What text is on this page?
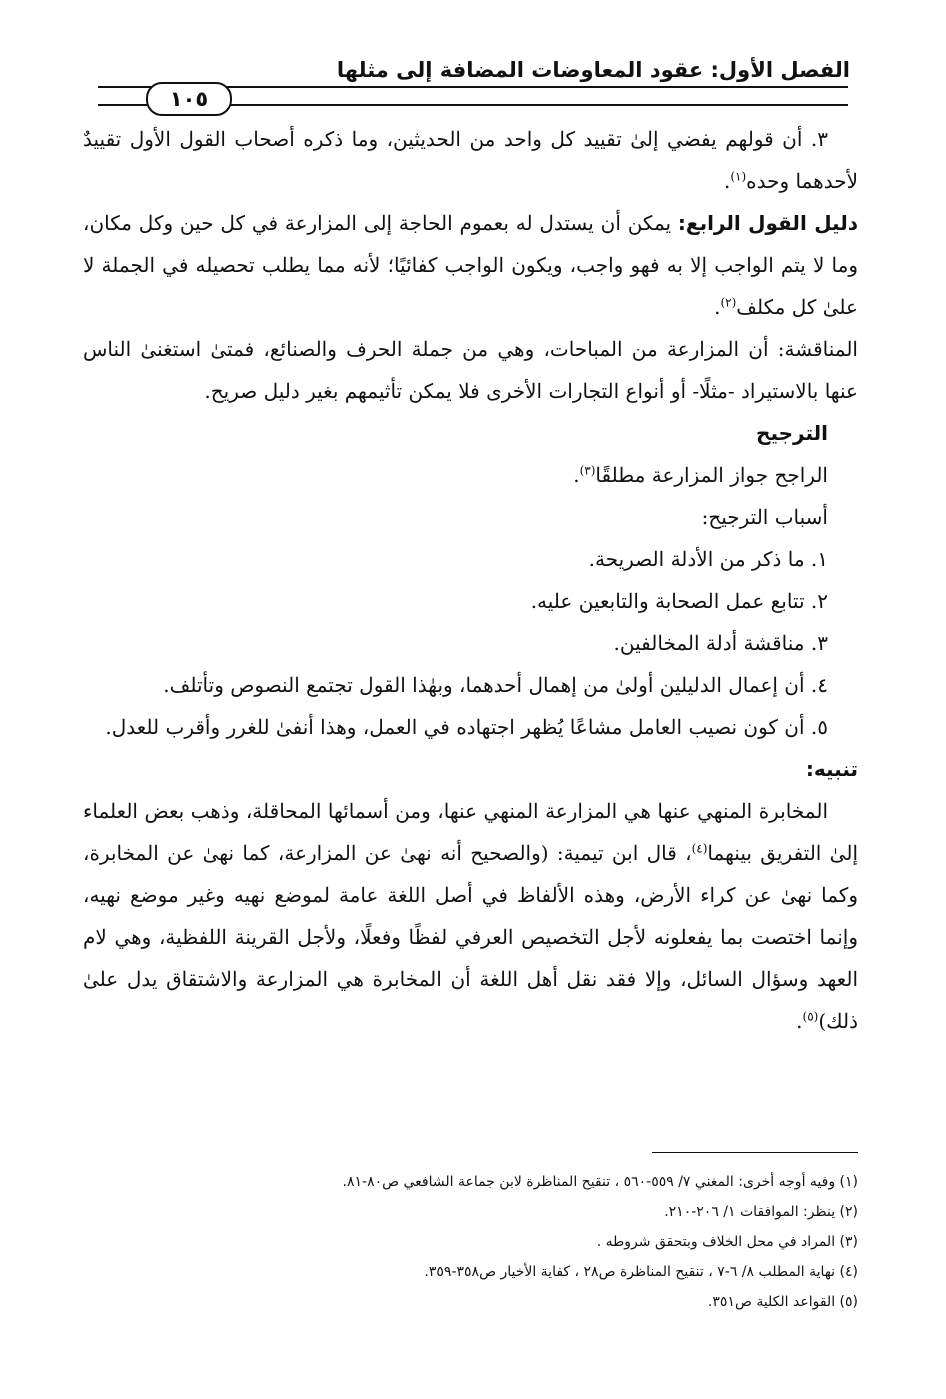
الفصل الأول: عقود المعاوضات المضافة إلى مثلها
١٠٥

٣. أن قولهم يفضي إلىٰ تقييد كل واحد من الحديثين، وما ذكره أصحاب القول الأول تقييدٌ لأحدهما وحده$^{(١)}$.

دليل القول الرابع: يمكن أن يستدل له بعموم الحاجة إلى المزارعة في كل حين وكل مكان، وما لا يتم الواجب إلا به فهو واجب، ويكون الواجب كفائيًا؛ لأنه مما يطلب تحصيله في الجملة لا علىٰ كل مكلف$^{(٢)}$.

المناقشة: أن المزارعة من المباحات، وهي من جملة الحرف والصنائع، فمتىٰ استغنىٰ الناس عنها بالاستيراد -مثلًا- أو أنواع التجارات الأخرى فلا يمكن تأثيمهم بغير دليل صريح.

الترجيح

الراجح جواز المزارعة مطلقًا$^{(٣)}$.

أسباب الترجيح:

١. ما ذكر من الأدلة الصريحة.

٢. تتابع عمل الصحابة والتابعين عليه.

٣. مناقشة أدلة المخالفين.

٤. أن إعمال الدليلين أولىٰ من إهمال أحدهما، وبهٰذا القول تجتمع النصوص وتأتلف.

٥. أن كون نصيب العامل مشاعًا يُظهر اجتهاده في العمل، وهذا أنفىٰ للغرر وأقرب للعدل.

تنبيه:

المخابرة المنهي عنها هي المزارعة المنهي عنها، ومن أسمائها المحاقلة، وذهب بعض العلماء إلىٰ التفريق بينهما$^{(٤)}$، قال ابن تيمية: (والصحيح أنه نهىٰ عن المزارعة، كما نهىٰ عن المخابرة، وكما نهىٰ عن كراء الأرض، وهذه الألفاظ في أصل اللغة عامة لموضع نهيه وغير موضع نهيه، وإنما اختصت بما يفعلونه لأجل التخصيص العرفي لفظًا وفعلًا، ولأجل القرينة اللفظية، وهي لام العهد وسؤال السائل، وإلا فقد نقل أهل اللغة أن المخابرة هي المزارعة والاشتقاق يدل علىٰ ذلك)$^{(٥)}$.

(١) وفيه أوجه أخرى: المغني ٧/ ٥٥٩-٥٦٠ ، تنقيح المناظرة لابن جماعة الشافعي ص٨٠-٨١.
(٢) ينظر: الموافقات ١/ ٢٠٦-٢١٠.
(٣) المراد في محل الخلاف وبتحقق شروطه .
(٤) نهاية المطلب ٨/ ٦-٧ ، تنقيح المناظرة ص٢٨ ، كفاية الأخيار ص٣٥٨-٣٥٩.
(٥) القواعد الكلية ص٣٥١.
